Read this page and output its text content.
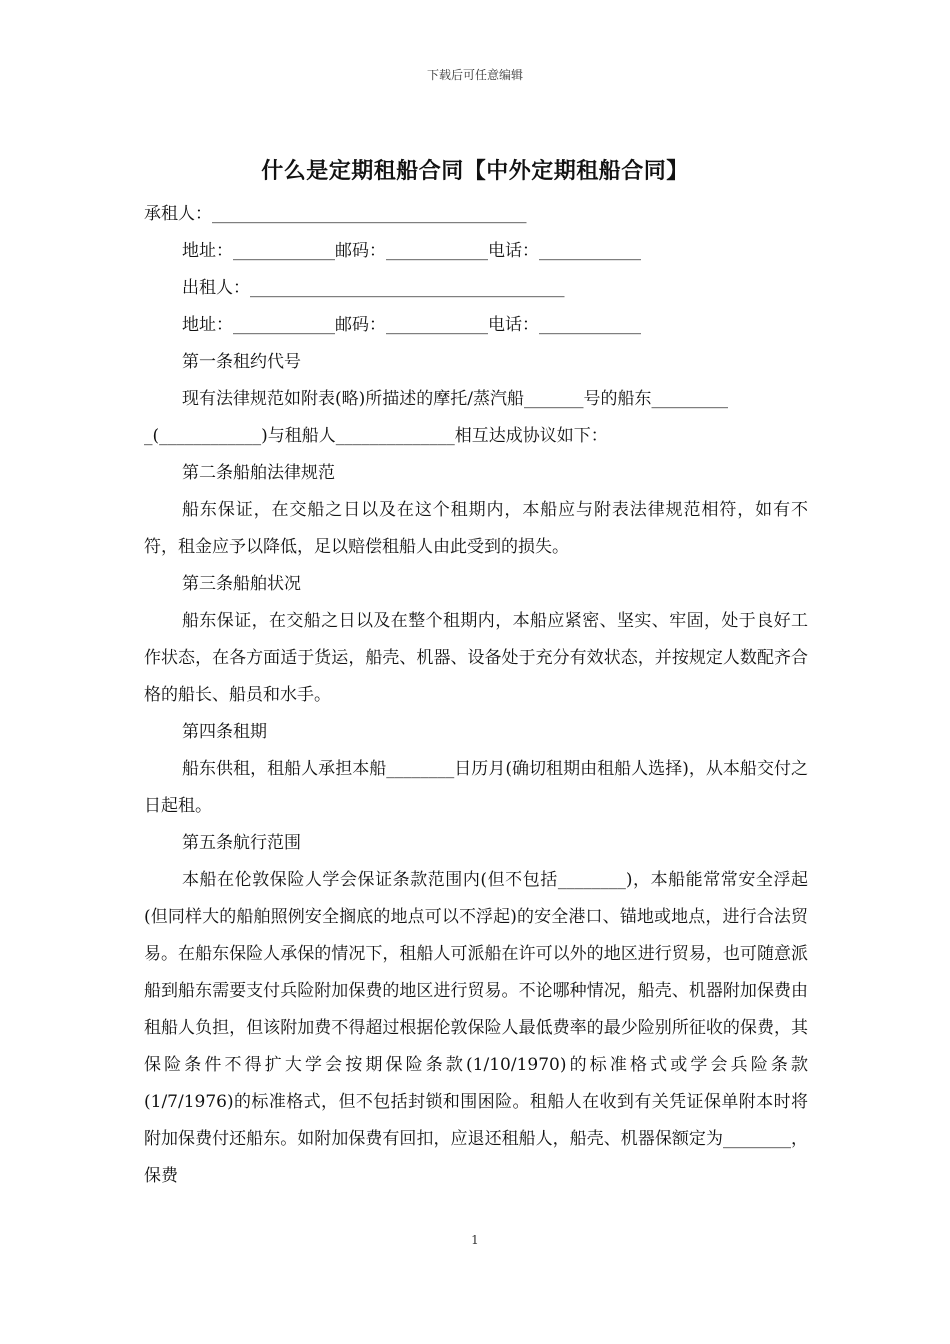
下载后可任意编辑
什么是定期租船合同【中外定期租船合同】
承租人：_____________________________________
地址：____________邮码：____________电话：____________
出租人：_____________________________________
地址：____________邮码：____________电话：____________
第一条租约代号
现有法律规范如附表(略)所描述的摩托/蒸汽船_______号的船东_________
_(____________)与租船人______________相互达成协议如下：
第二条船舶法律规范
船东保证，在交船之日以及在这个租期内，本船应与附表法律规范相符，如有不符，租金应予以降低，足以赔偿租船人由此受到的损失。
第三条船舶状况
船东保证，在交船之日以及在整个租期内，本船应紧密、坚实、牢固，处于良好工作状态，在各方面适于货运，船壳、机器、设备处于充分有效状态，并按规定人数配齐合格的船长、船员和水手。
第四条租期
船东供租，租船人承担本船________日历月(确切租期由租船人选择)，从本船交付之日起租。
第五条航行范围
本船在伦敦保险人学会保证条款范围内(但不包括________)，本船能常常安全浮起(但同样大的船舶照例安全搁底的地点可以不浮起)的安全港口、锚地或地点，进行合法贸易。在船东保险人承保的情况下，租船人可派船在许可以外的地区进行贸易，也可随意派船到船东需要支付兵险附加保费的地区进行贸易。不论哪种情况，船壳、机器附加保费由租船人负担，但该附加费不得超过根据伦敦保险人最低费率的最少险别所征收的保费，其保险条件不得扩大学会按期保险条款(1/10/1970)的标准格式或学会兵险条款(1/7/1976)的标准格式，但不包括封锁和围困险。租船人在收到有关凭证保单附本时将附加保费付还船东。如附加保费有回扣，应退还租船人，船壳、机器保额定为________，保费
1
